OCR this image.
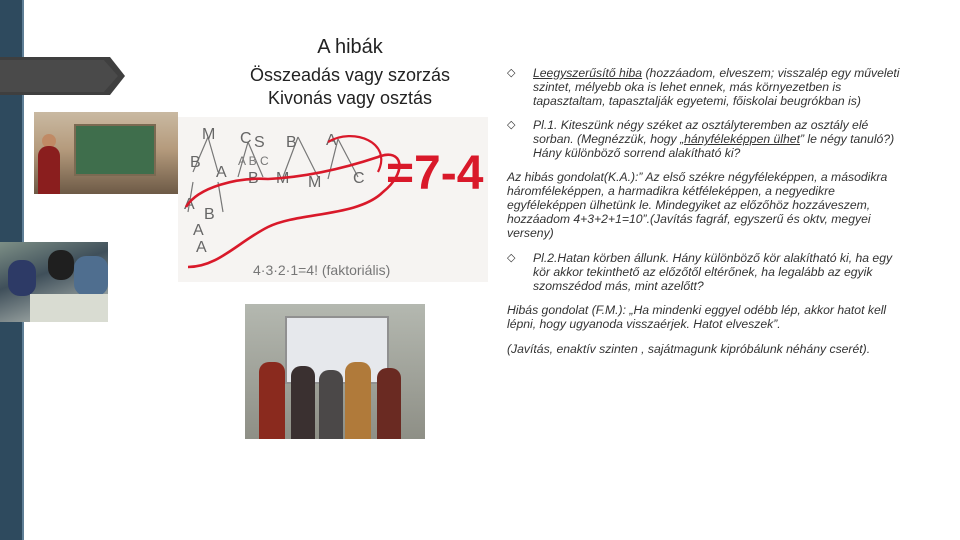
A hibák
Összeadás vagy szorzás
Kivonás vagy osztás
M C S B A
B
A B M M C
A
B
A
A
=7-4
4·3·2·1=4! (faktoriális)
A B C
◇ Leegyszerűsítő hiba (hozzáadom, elveszem; visszalép egy műveleti szintet, mélyebb oka is lehet ennek, más környezetben is tapasztaltam, tapasztalják egyetemi, főiskolai beugrókban is)
◇ Pl.1. Kiteszünk négy széket az osztályteremben az osztály elé sorban. (Megnézzük, hogy „hányféleképpen ülhet” le négy tanuló?) Hány különböző sorrend alakítható ki?

Az hibás gondolat(K.A.):” Az első székre négyféleképpen, a másodikra háromféleképpen, a harmadikra kétféleképpen, a negyedikre egyféleképpen ülhetünk le. Mindegyiket az előzőhöz hozzáveszem, hozzáadom 4+3+2+1=10”.(Javítás fagráf, egyszerű és oktv, megyei verseny)

◇ Pl.2.Hatan körben állunk. Hány különböző kör alakítható ki, ha egy kör akkor tekinthető az előzőtől eltérőnek, ha legalább az egyik szomszédod más, mint azelőtt?

Hibás gondolat (F.M.): „Ha mindenki eggyel odébb lép, akkor hatot kell lépni, hogy ugyanoda visszaérjek. Hatot elveszek”.

(Javítás, enaktív szinten , sajátmagunk kipróbálunk néhány cserét).
